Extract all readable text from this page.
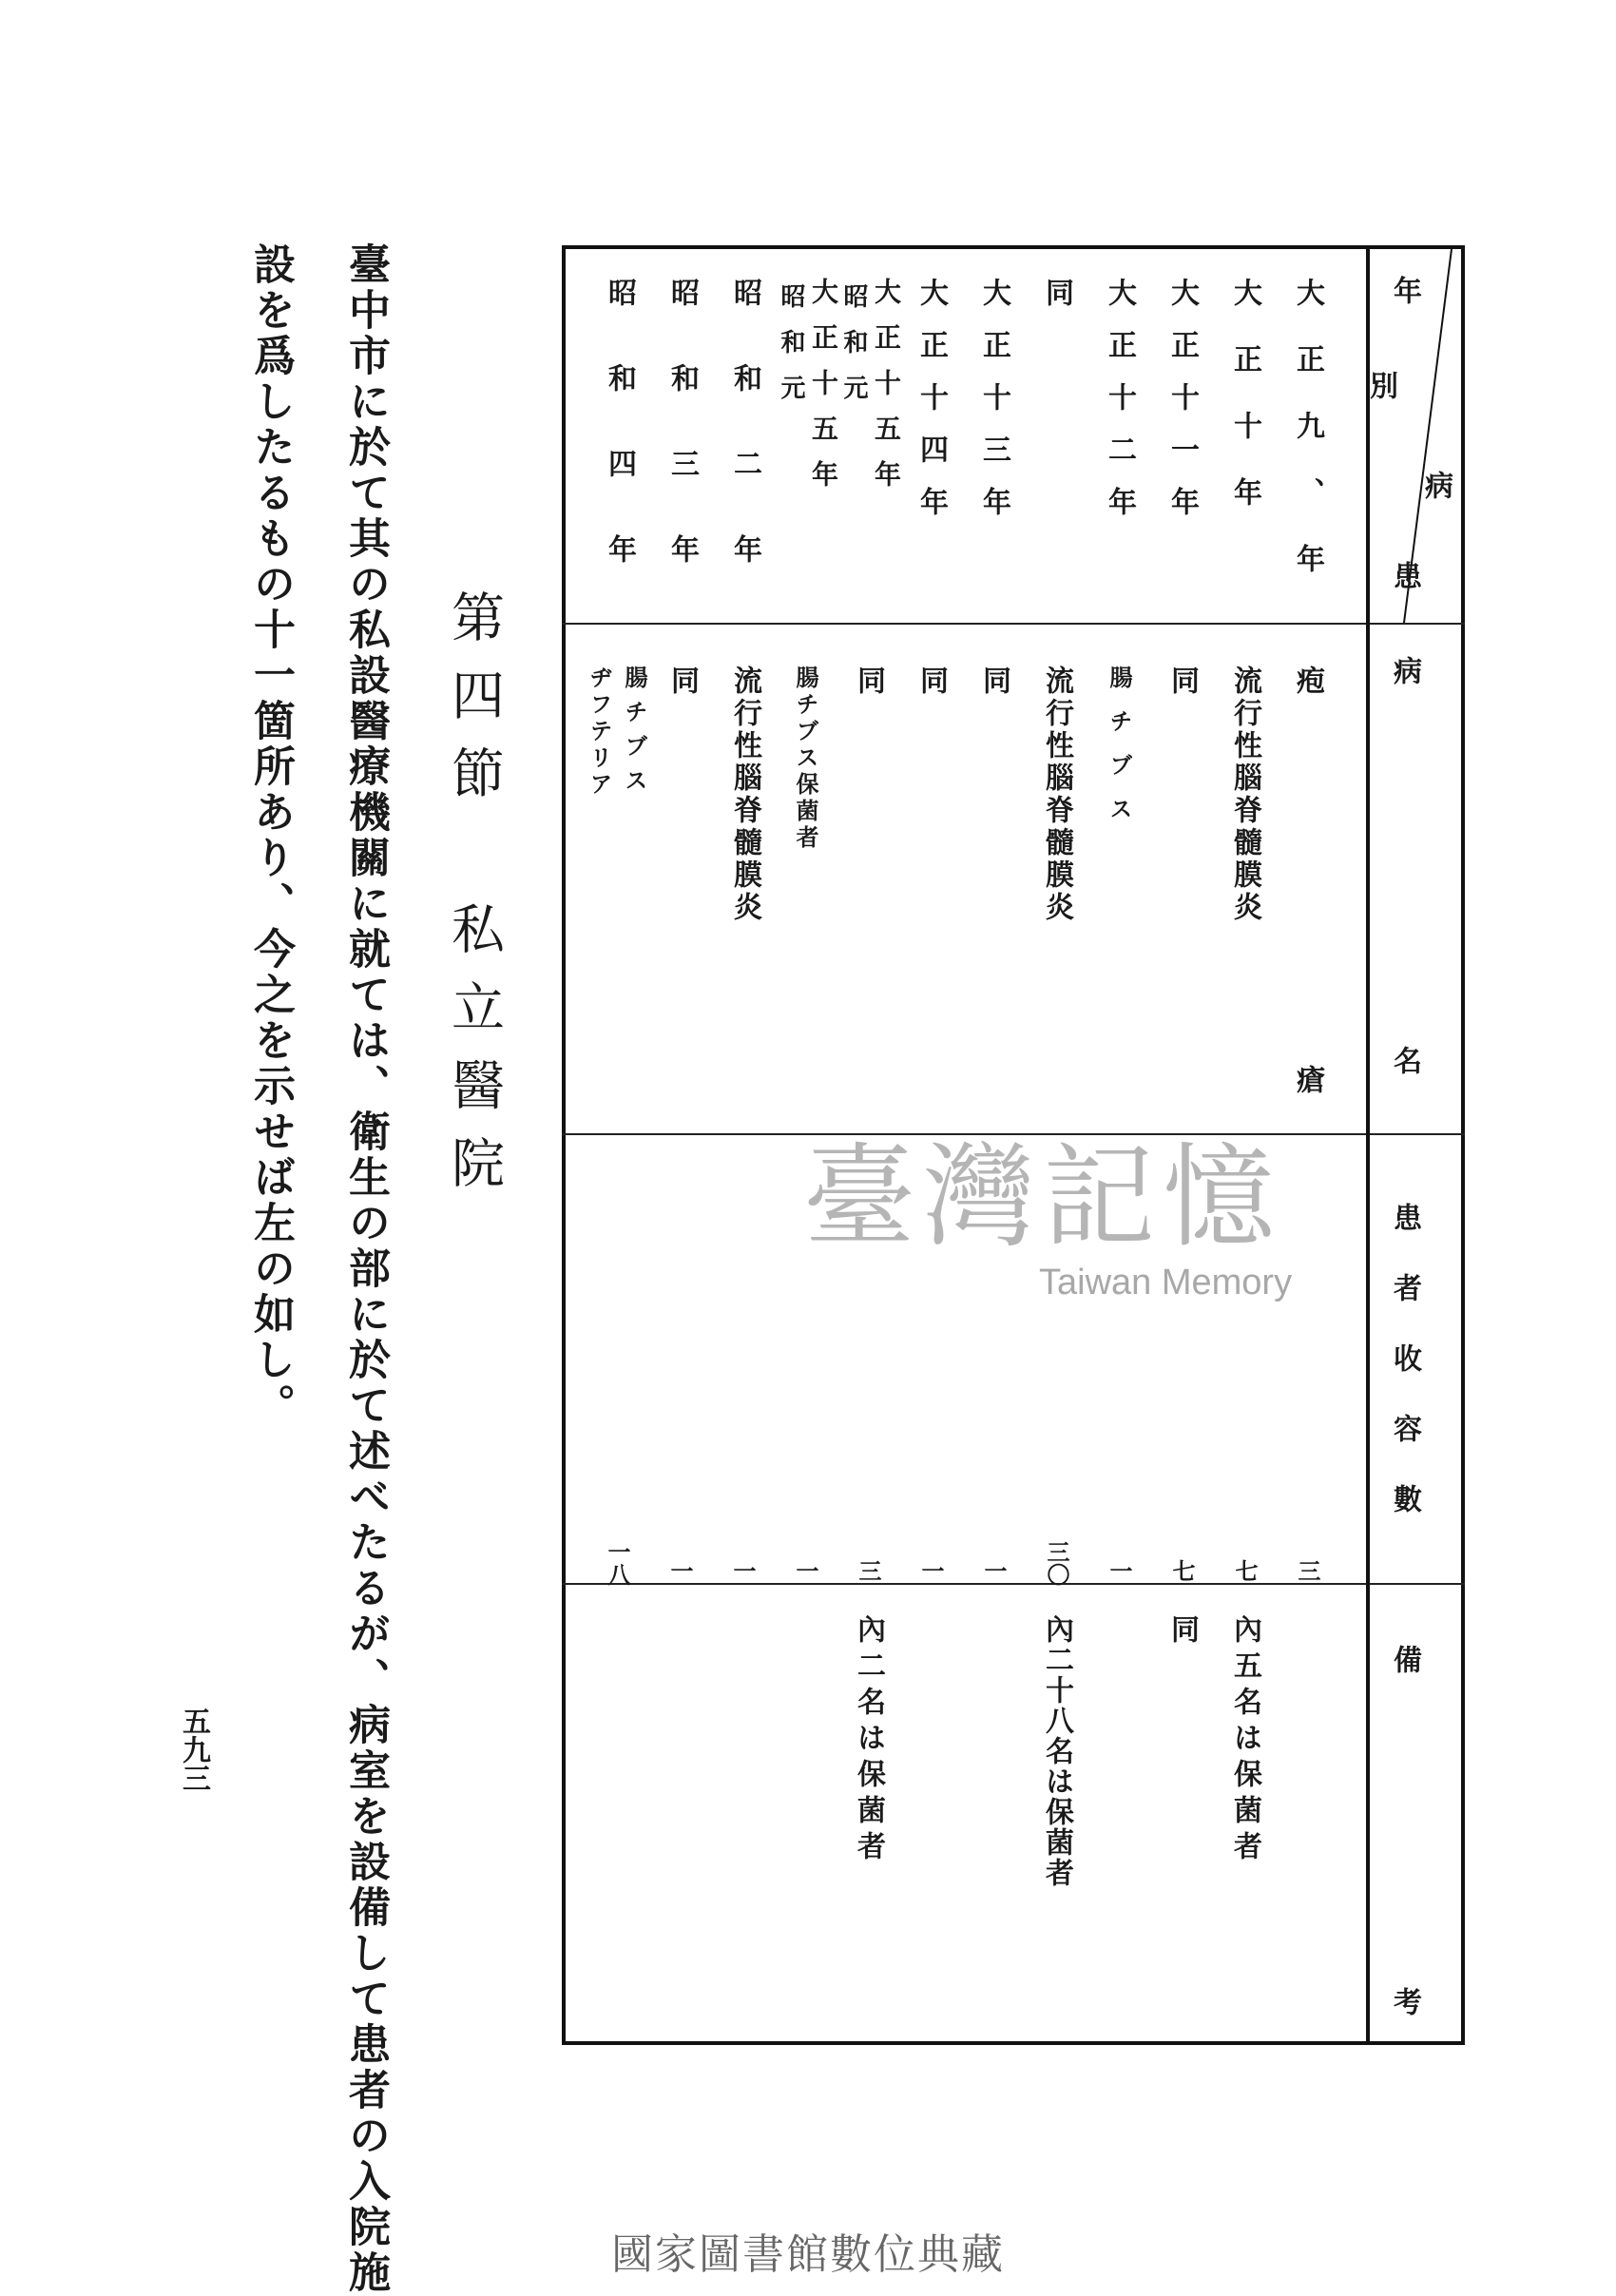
年
別
病
患
病
名
患者收容數
備
考
大正九、年
大正十年
大正十一年
大正十二年
同
大正十三年
大正十四年
大正十五年
昭和元
大正十五年
昭和元
昭和二年
昭和三年
昭和四年
疱　瘡
流行性腦脊髓膜炎
同
腸チブス
流行性腦脊髓膜炎
同
同
同
腸チブス保菌者
流行性腦脊髓膜炎
同
腸チブス
ヂフテリア
三
七
七
一
三〇
一
一
三
一
一
一
一八
內五名は保菌者
同
內二十八名は保菌者
內二名は保菌者
第四節　私立醫院
臺中市に於て其の私設醫療機關に就ては、衛生の部に於て述べたるが、病室を設備して患者の入院施
設を爲したるもの十一箇所あり、今之を示せば左の如し。
五九三
臺灣記憶
Taiwan Memory
國家圖書館數位典藏
